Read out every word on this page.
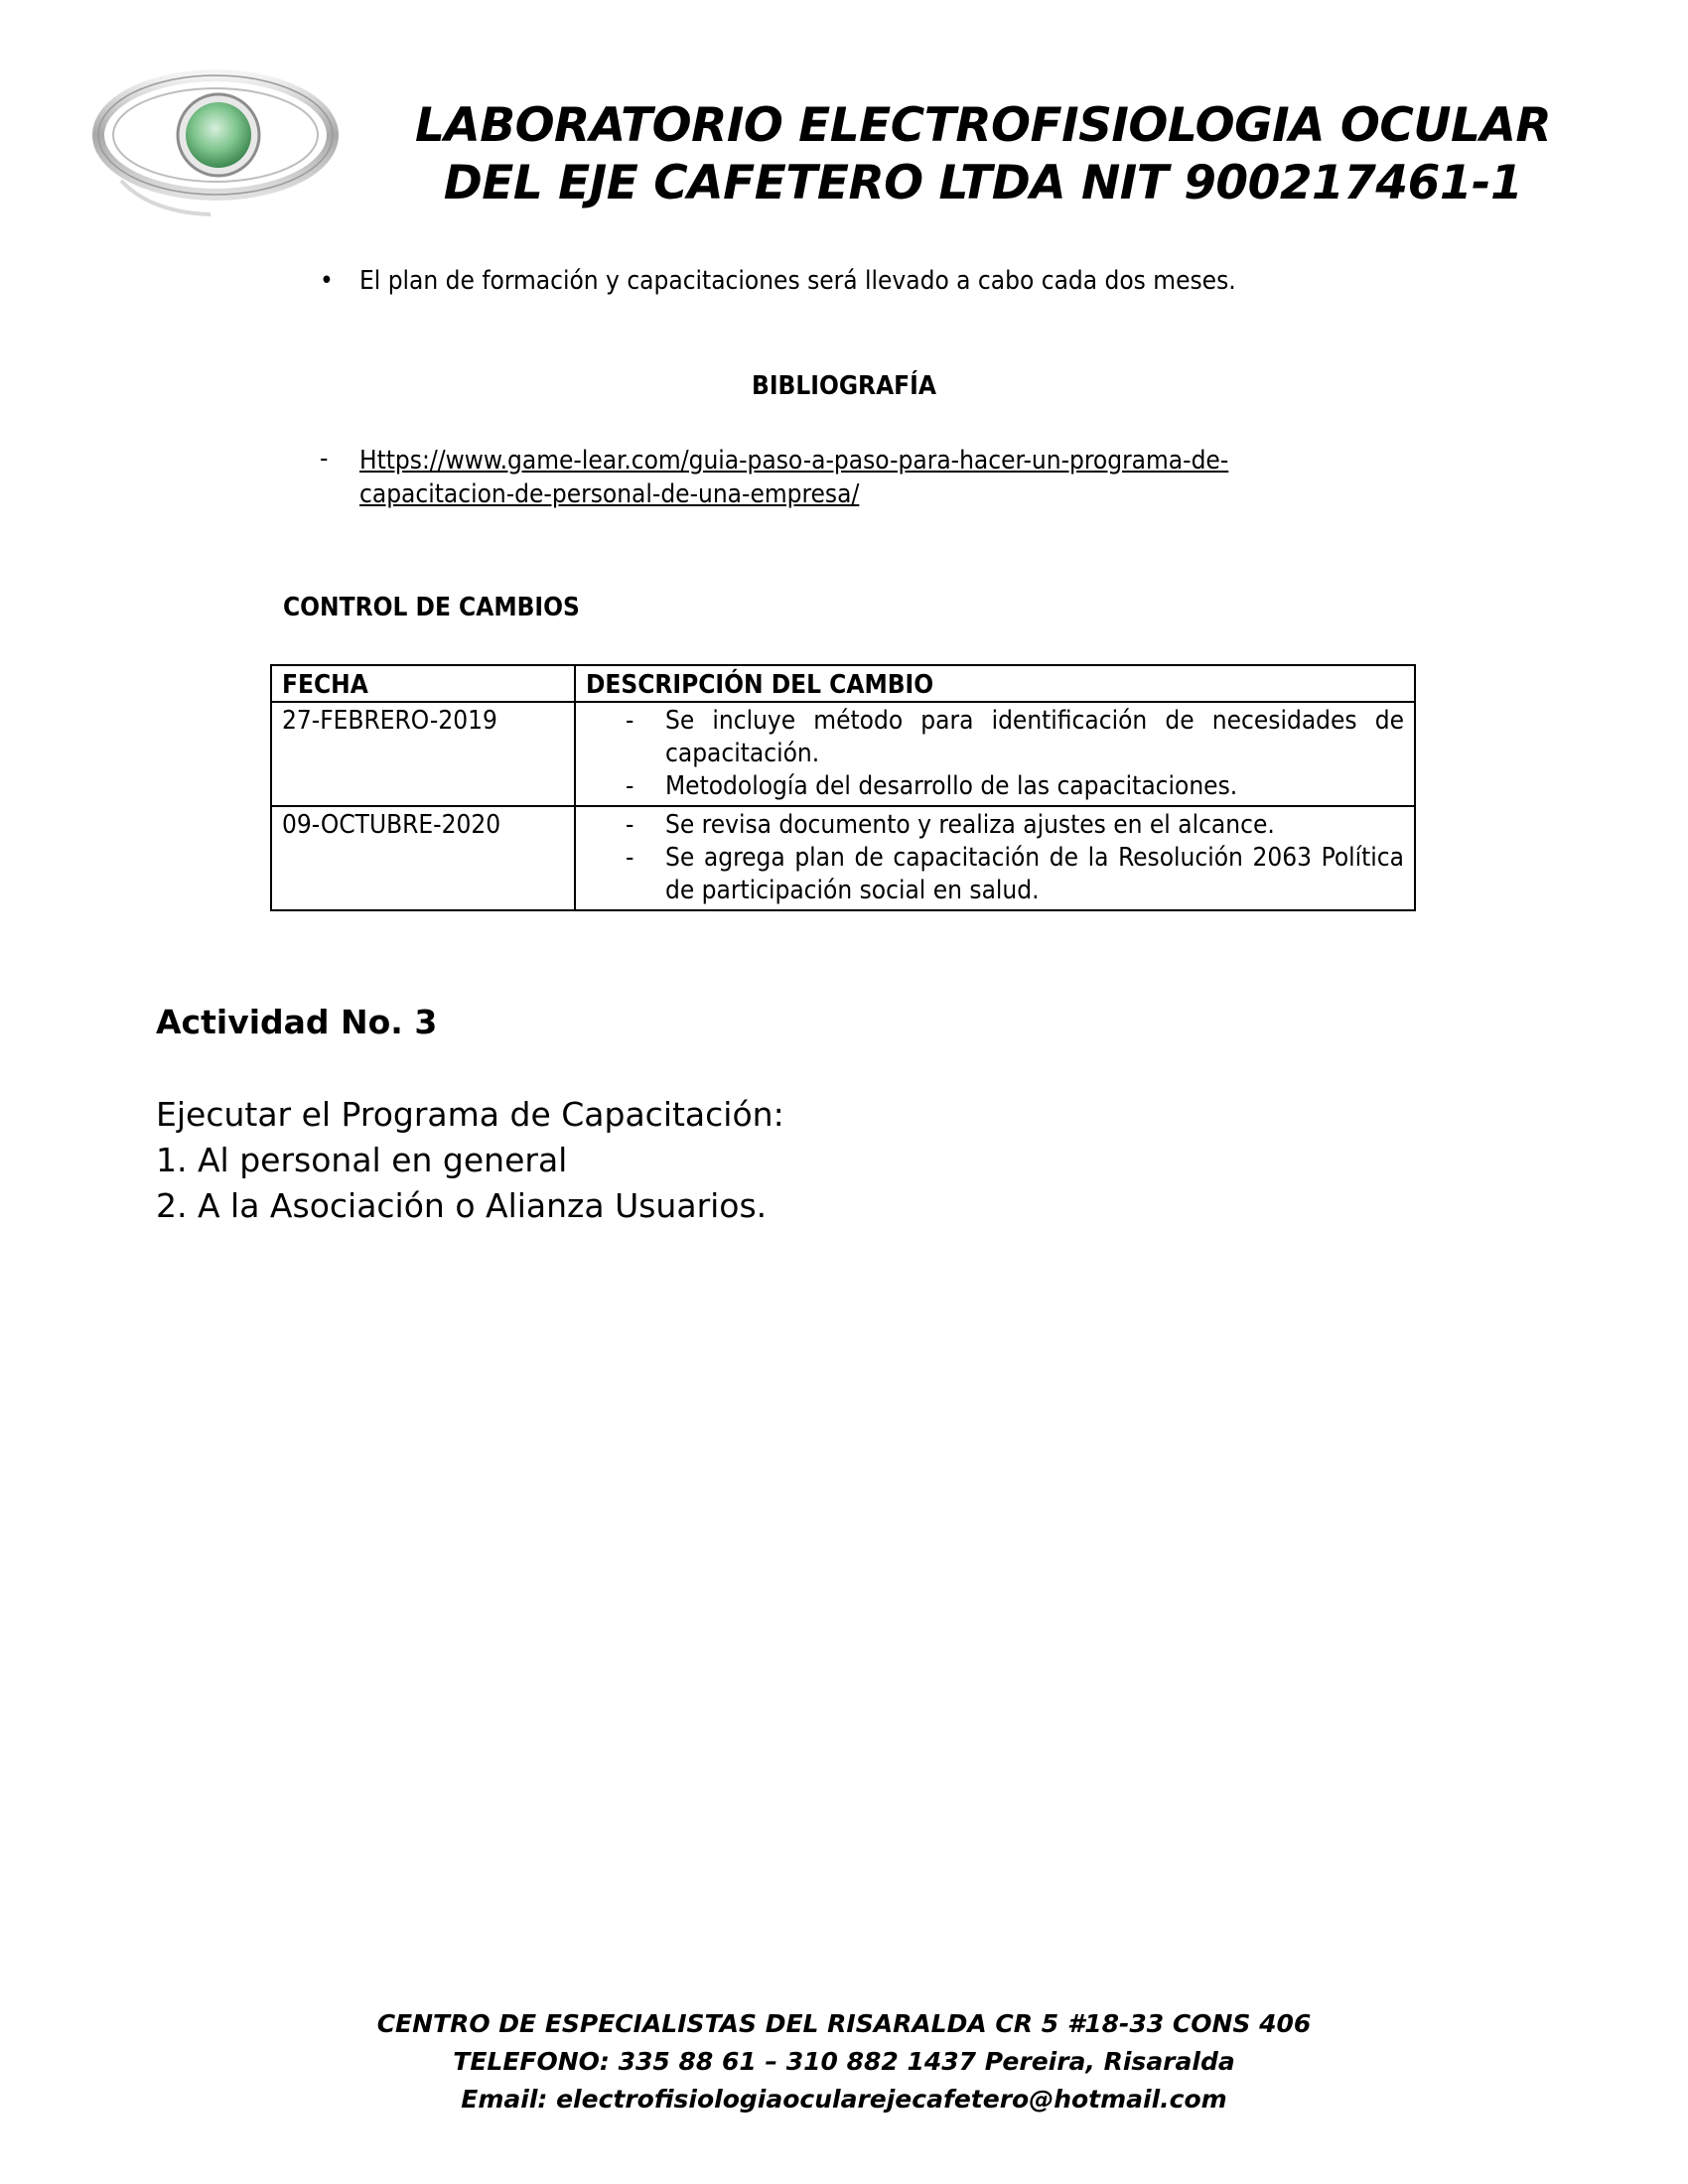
LABORATORIO ELECTROFISIOLOGIA OCULAR
DEL EJE CAFETERO LTDA NIT 900217461-1
• El plan de formación y capacitaciones será llevado a cabo cada dos meses.
BIBLIOGRAFÍA
- Https://www.game-lear.com/guia-paso-a-paso-para-hacer-un-programa-de-
capacitacion-de-personal-de-una-empresa/
CONTROL DE CAMBIOS
FECHA	DESCRIPCIÓN DEL CAMBIO
27-FEBRERO-2019	- Se incluye método para identificación de necesidades de capacitación.
- Metodología del desarrollo de las capacitaciones.

09-OCTUBRE-2020	- Se revisa documento y realiza ajustes en el alcance.
- Se agrega plan de capacitación de la Resolución 2063 Política de participación social en salud.
Actividad No. 3
Ejecutar el Programa de Capacitación:
1. Al personal en general
2. A la Asociación o Alianza Usuarios.
CENTRO DE ESPECIALISTAS DEL RISARALDA CR 5 #18-33 CONS 406
TELEFONO: 335 88 61 – 310 882 1437 Pereira, Risaralda
Email: electrofisiologiaocularejecafetero@hotmail.com
